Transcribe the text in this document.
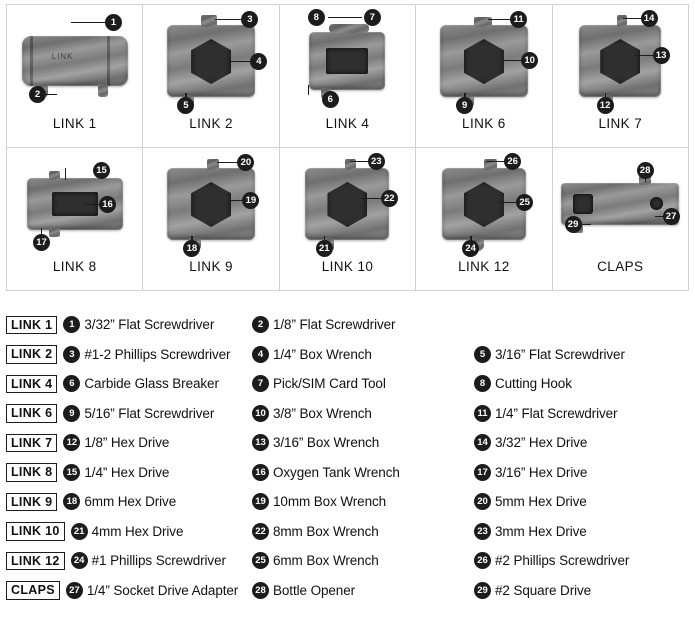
LINK
1
2
LINK 1
3
4
5
LINK 2
8	7
6
LINK 4
11
10
9
LINK 6
14
13
12
LINK 7
15
16
17
LINK 8
20
19
18
LINK 9
23
22
21
LINK 10
26
25
24
LINK 12
28
27
29
CLAPS
LINK 1	1 3/32” Flat Screwdriver	2 1/8” Flat Screwdriver
LINK 2	3 #1-2 Phillips Screwdriver	4 1/4” Box Wrench	5 3/16” Flat Screwdriver
LINK 4	6 Carbide Glass Breaker	7 Pick/SIM Card Tool	8 Cutting Hook
LINK 6	9 5/16” Flat Screwdriver	10 3/8” Box Wrench	11 1/4” Flat Screwdriver
LINK 7	12 1/8” Hex Drive	13 3/16” Box Wrench	14 3/32” Hex Drive
LINK 8	15 1/4” Hex Drive	16 Oxygen Tank Wrench	17 3/16” Hex Drive
LINK 9	18 6mm Hex Drive	19 10mm Box Wrench	20 5mm Hex Drive
LINK 10	21 4mm Hex Drive	22 8mm Box Wrench	23 3mm Hex Drive
LINK 12	24 #1 Phillips Screwdriver	25 6mm Box Wrench	26 #2 Phillips Screwdriver
CLAPS	27 1/4” Socket Drive Adapter	28 Bottle Opener	29 #2 Square Drive
